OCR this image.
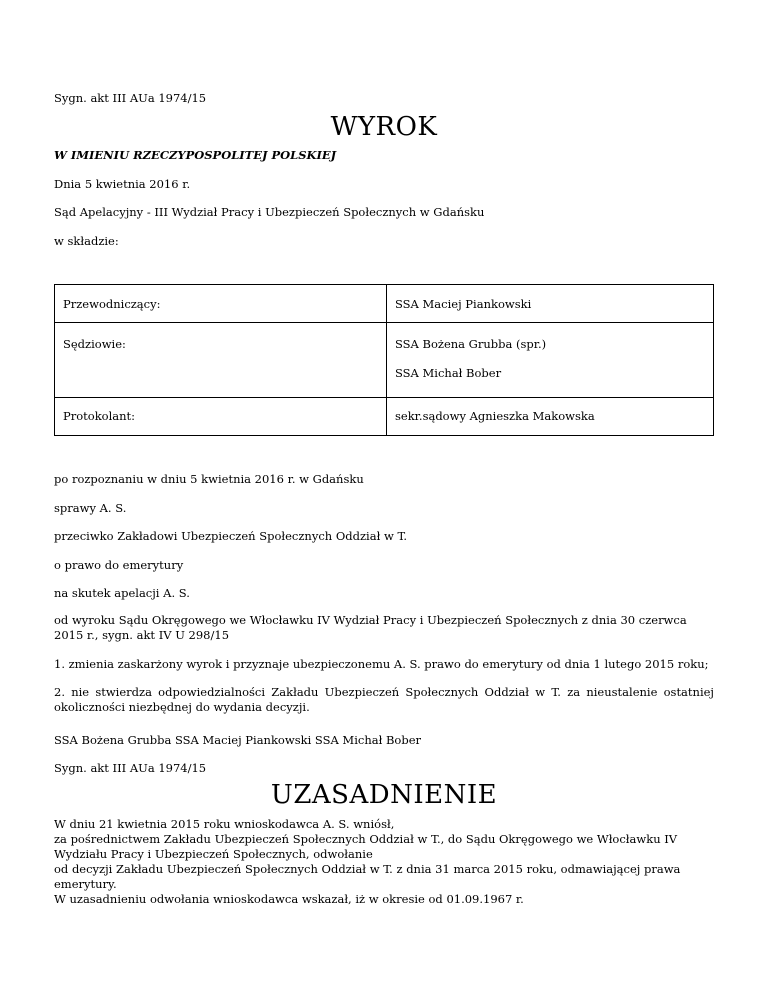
Sygn. akt III AUa 1974/15
WYROK
W IMIENIU RZECZYPOSPOLITEJ POLSKIEJ
Dnia 5 kwietnia 2016 r.
Sąd Apelacyjny - III Wydział Pracy i Ubezpieczeń Społecznych w Gdańsku
w składzie:
Przewodniczący:	SSA Maciej Piankowski

Sędziowie:	SSA Bożena Grubba (spr.)
SSA Michał Bober

Protokolant:	sekr.sądowy Agnieszka Makowska
po rozpoznaniu w dniu 5 kwietnia 2016 r. w Gdańsku
sprawy A. S.
przeciwko Zakładowi Ubezpieczeń Społecznych Oddział w T.
o prawo do emerytury
na skutek apelacji A. S.
od wyroku Sądu Okręgowego we Włocławku IV Wydział Pracy i Ubezpieczeń Społecznych z dnia 30 czerwca 2015 r., sygn. akt IV U 298/15
1. zmienia zaskarżony wyrok i przyznaje ubezpieczonemu A. S. prawo do emerytury od dnia 1 lutego 2015 roku;
2. nie stwierdza odpowiedzialności Zakładu Ubezpieczeń Społecznych Oddział w T. za nieustalenie ostatniej okoliczności niezbędnej do wydania decyzji.
SSA Bożena Grubba SSA Maciej Piankowski SSA Michał Bober
Sygn. akt III AUa 1974/15
UZASADNIENIE
W dniu 21 kwietnia 2015 roku wnioskodawca A. S. wniósł,
za pośrednictwem Zakładu Ubezpieczeń Społecznych Oddział w T., do Sądu Okręgowego we Włocławku IV Wydziału Pracy i Ubezpieczeń Społecznych, odwołanie
od decyzji Zakładu Ubezpieczeń Społecznych Oddział w T. z dnia 31 marca 2015 roku, odmawiającej prawa emerytury.
W uzasadnieniu odwołania wnioskodawca wskazał, iż w okresie od 01.09.1967 r.
